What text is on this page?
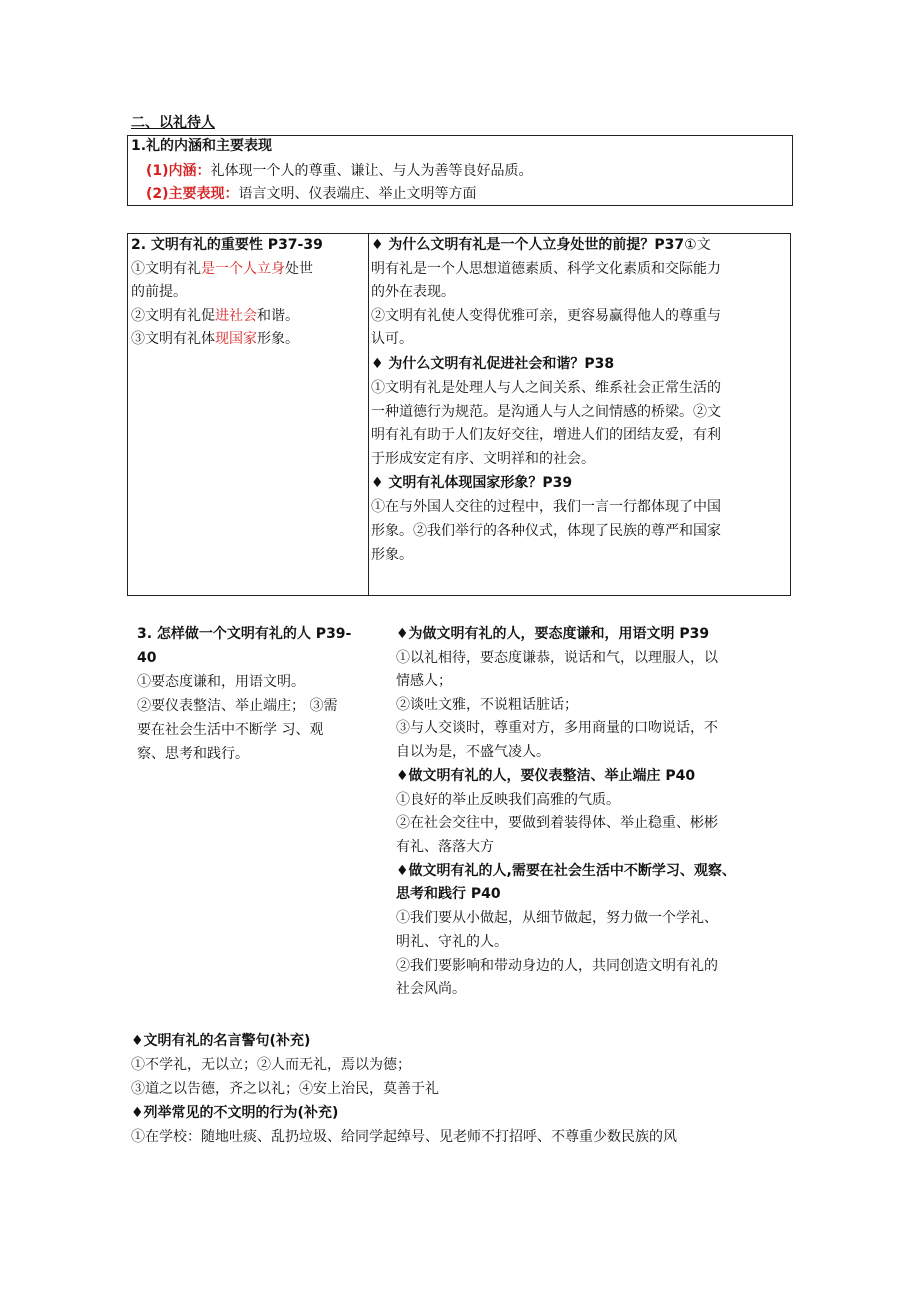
二、以礼待人
1.礼的内涵和主要表现
(1)内涵：礼体现一个人的尊重、谦让、与人为善等良好品质。
(2)主要表现：语言文明、仪表端庄、举止文明等方面
2. 文明有礼的重要性 P37-39
①文明有礼是一个人立身处世
的前提。
②文明有礼促进社会和谐。
③文明有礼体现国家形象。
♦ 为什么文明有礼是一个人立身处世的前提？P37①文
明有礼是一个人思想道德素质、科学文化素质和交际能力
的外在表现。
②文明有礼使人变得优雅可亲，更容易赢得他人的尊重与
认可。
♦ 为什么文明有礼促进社会和谐？P38
①文明有礼是处理人与人之间关系、维系社会正常生活的
一种道德行为规范。是沟通人与人之间情感的桥梁。②文
明有礼有助于人们友好交往，增进人们的团结友爱，有利
于形成安定有序、文明祥和的社会。
♦ 文明有礼体现国家形象？P39
①在与外国人交往的过程中，我们一言一行都体现了中国
形象。②我们举行的各种仪式，体现了民族的尊严和国家
形象。
3. 怎样做一个文明有礼的人 P39-
40
①要态度谦和，用语文明。
②要仪表整洁、举止端庄； ③需
要在社会生活中不断学 习、观
察、思考和践行。
♦为做文明有礼的人，要态度谦和，用语文明 P39
①以礼相待，要态度谦恭，说话和气，以理服人，以
情感人；
②谈吐文雅，不说粗话脏话；
③与人交谈时，尊重对方，多用商量的口吻说话，不
自以为是，不盛气凌人。
♦做文明有礼的人，要仪表整洁、举止端庄 P40
①良好的举止反映我们高雅的气质。
②在社会交往中，要做到着装得体、举止稳重、彬彬
有礼、落落大方
♦做文明有礼的人,需要在社会生活中不断学习、观察、
思考和践行 P40
①我们要从小做起，从细节做起，努力做一个学礼、
明礼、守礼的人。
②我们要影响和带动身边的人，共同创造文明有礼的
社会风尚。
♦文明有礼的名言警句(补充)
①不学礼，无以立；②人而无礼，焉以为德；
③道之以告德，齐之以礼；④安上治民，莫善于礼
♦列举常见的不文明的行为(补充)
①在学校：随地吐痰、乱扔垃圾、给同学起绰号、见老师不打招呼、不尊重少数民族的风
